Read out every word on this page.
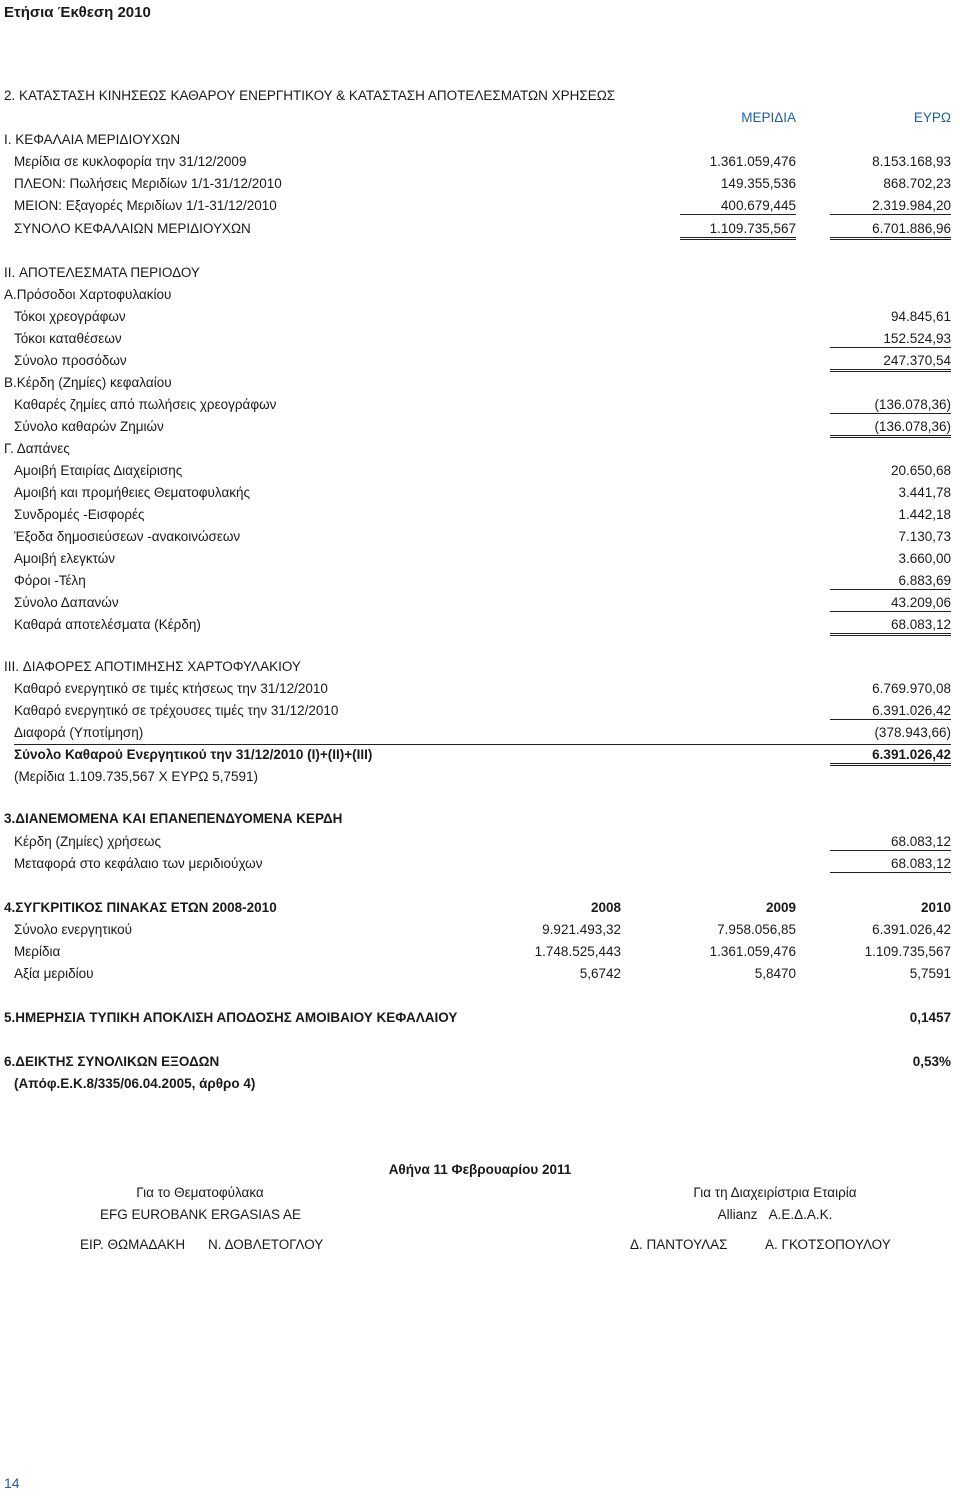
Ετήσια Έκθεση 2010
2. ΚΑΤΑΣΤΑΣΗ ΚΙΝΗΣΕΩΣ ΚΑΘΑΡΟΥ ΕΝΕΡΓΗΤΙΚΟΥ & ΚΑΤΑΣΤΑΣΗ ΑΠΟΤΕΛΕΣΜΑΤΩΝ ΧΡΗΣΕΩΣ
ΜΕΡΙΔΙΑ	ΕΥΡΩ
I. ΚΕΦΑΛΑΙΑ ΜΕΡΙΔΙΟΥΧΩΝ
Μερίδια σε κυκλοφορία την 31/12/2009	1.361.059,476	8.153.168,93
ΠΛΕΟΝ: Πωλήσεις Μεριδίων 1/1-31/12/2010	149.355,536	868.702,23
ΜΕΙΟΝ: Εξαγορές Μεριδίων 1/1-31/12/2010	400.679,445	2.319.984,20
ΣΥΝΟΛΟ ΚΕΦΑΛΑΙΩΝ ΜΕΡΙΔΙΟΥΧΩΝ	1.109.735,567	6.701.886,96
II. ΑΠΟΤΕΛΕΣΜΑΤΑ ΠΕΡΙΟΔΟΥ
A.Πρόσοδοι Χαρτοφυλακίου
Τόκοι χρεογράφων	94.845,61
Τόκοι καταθέσεων	152.524,93
Σύνολο προσόδων	247.370,54
B.Κέρδη (Ζημίες) κεφαλαίου
Καθαρές ζημίες από πωλήσεις χρεογράφων	(136.078,36)
Σύνολο καθαρών Ζημιών	(136.078,36)
Γ. Δαπάνες
Αμοιβή Εταιρίας Διαχείρισης	20.650,68
Αμοιβή και προμήθειες Θεματοφυλακής	3.441,78
Συνδρομές -Εισφορές	1.442,18
Έξοδα δημοσιεύσεων -ανακοινώσεων	7.130,73
Αμοιβή ελεγκτών	3.660,00
Φόροι -Τέλη	6.883,69
Σύνολο Δαπανών	43.209,06
Καθαρά αποτελέσματα (Κέρδη)	68.083,12
III. ΔΙΑΦΟΡΕΣ ΑΠΟΤΙΜΗΣΗΣ ΧΑΡΤΟΦΥΛΑΚΙΟΥ
Καθαρό ενεργητικό σε τιμές κτήσεως την 31/12/2010	6.769.970,08
Καθαρό ενεργητικό σε τρέχουσες τιμές την 31/12/2010	6.391.026,42
Διαφορά (Υποτίμηση)	(378.943,66)
Σύνολο Καθαρού Ενεργητικού την 31/12/2010 (I)+(II)+(III)	6.391.026,42
(Μερίδια 1.109.735,567 Χ ΕΥΡΩ 5,7591)
3.ΔΙΑΝΕΜΟΜΕΝΑ ΚΑΙ ΕΠΑΝΕΠΕΝΔΥΟΜΕΝΑ ΚΕΡΔΗ
Κέρδη (Ζημίες) χρήσεως	68.083,12
Μεταφορά στο κεφάλαιο των μεριδιούχων	68.083,12
4.ΣΥΓΚΡΙΤΙΚΟΣ ΠΙΝΑΚΑΣ ΕΤΩΝ 2008-2010	2008	2009	2010
Σύνολο ενεργητικού	9.921.493,32	7.958.056,85	6.391.026,42
Μερίδια	1.748.525,443	1.361.059,476	1.109.735,567
Αξία μεριδίου	5,6742	5,8470	5,7591
5.ΗΜΕΡΗΣΙΑ ΤΥΠΙΚΗ ΑΠΟΚΛΙΣΗ ΑΠΟΔΟΣΗΣ ΑΜΟΙΒΑΙΟΥ ΚΕΦΑΛΑΙΟΥ	0,1457
6.ΔΕΙΚΤΗΣ ΣΥΝΟΛΙΚΩΝ ΕΞΟΔΩΝ	0,53%
(Απόφ.Ε.Κ.8/335/06.04.2005, άρθρο 4)
Αθήνα 11 Φεβρουαρίου 2011
Για το Θεματοφύλακα
EFG EUROBANK ERGASIAS AE
Για τη Διαχειρίστρια Εταιρία
Allianz   Α.Ε.Δ.Α.Κ.
ΕΙΡ. ΘΩΜΑΔΑΚΗ Ν. ΔΟΒΛΕΤΟΓΛΟΥ	Δ. ΠΑΝΤΟΥΛΑΣ	Α. ΓΚΟΤΣΟΠΟΥΛΟΥ
14
